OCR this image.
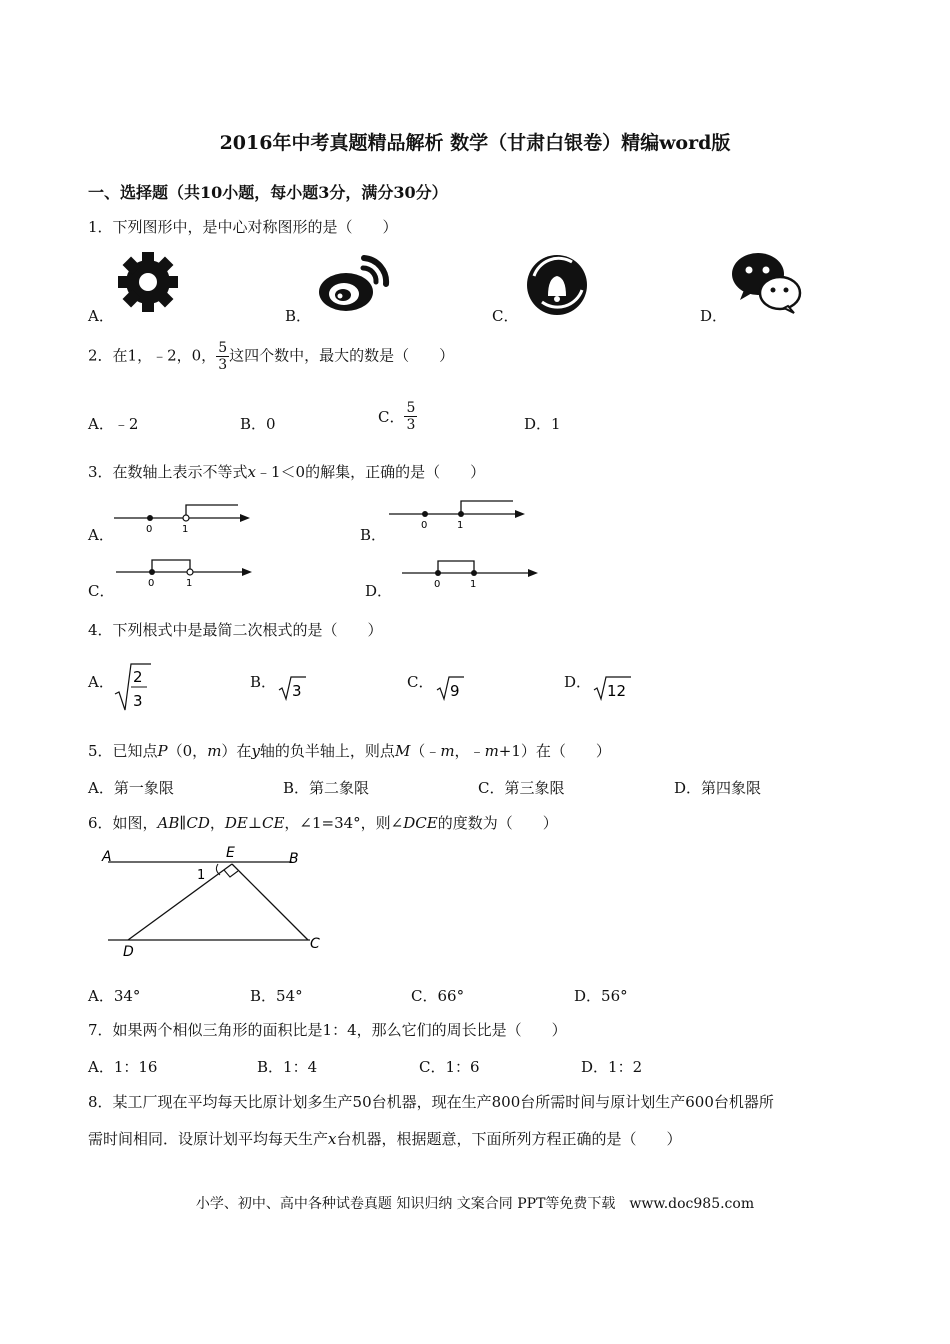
2016年中考真题精品解析 数学（甘肃白银卷）精编word版
一、选择题（共10小题，每小题3分，满分30分）
1．下列图形中，是中心对称图形的是（　　）
A．	B．	C．	D．
2．在1，﹣2，0， $\frac{5}{3}$ 这四个数中，最大的数是（　　）
A．﹣2	B．0	C． $\frac{5}{3}$	D．1
3．在数轴上表示不等式x﹣1＜0的解集，正确的是（　　）
A．	0	1	B．
0	1
C．	0	1	D．	0	1
4．下列根式中是最简二次根式的是（　　）
A． 2
3
B． 3	C． 9	D． 12
5．已知点P（0，m）在y轴的负半轴上，则点M（﹣m，﹣m+1）在（　　）
A．第一象限	B．第二象限	C．第三象限	D．第四象限
6．如图，AB∥CD，DE⊥CE，∠1=34°，则∠DCE的度数为（　　）
A	B
E
1
D	C
A．34°	B．54°	C．66°	D．56°
7．如果两个相似三角形的面积比是1：4，那么它们的周长比是（　　）
A．1：16	B．1：4	C．1：6	D．1：2
8．某工厂现在平均每天比原计划多生产50台机器，现在生产800台所需时间与原计划生产600台机器所
需时间相同．设原计划平均每天生产x台机器，根据题意，下面所列方程正确的是（　　）
小学、初中、高中各种试卷真题 知识归纳 文案合同 PPT等免费下载　www.doc985.com
